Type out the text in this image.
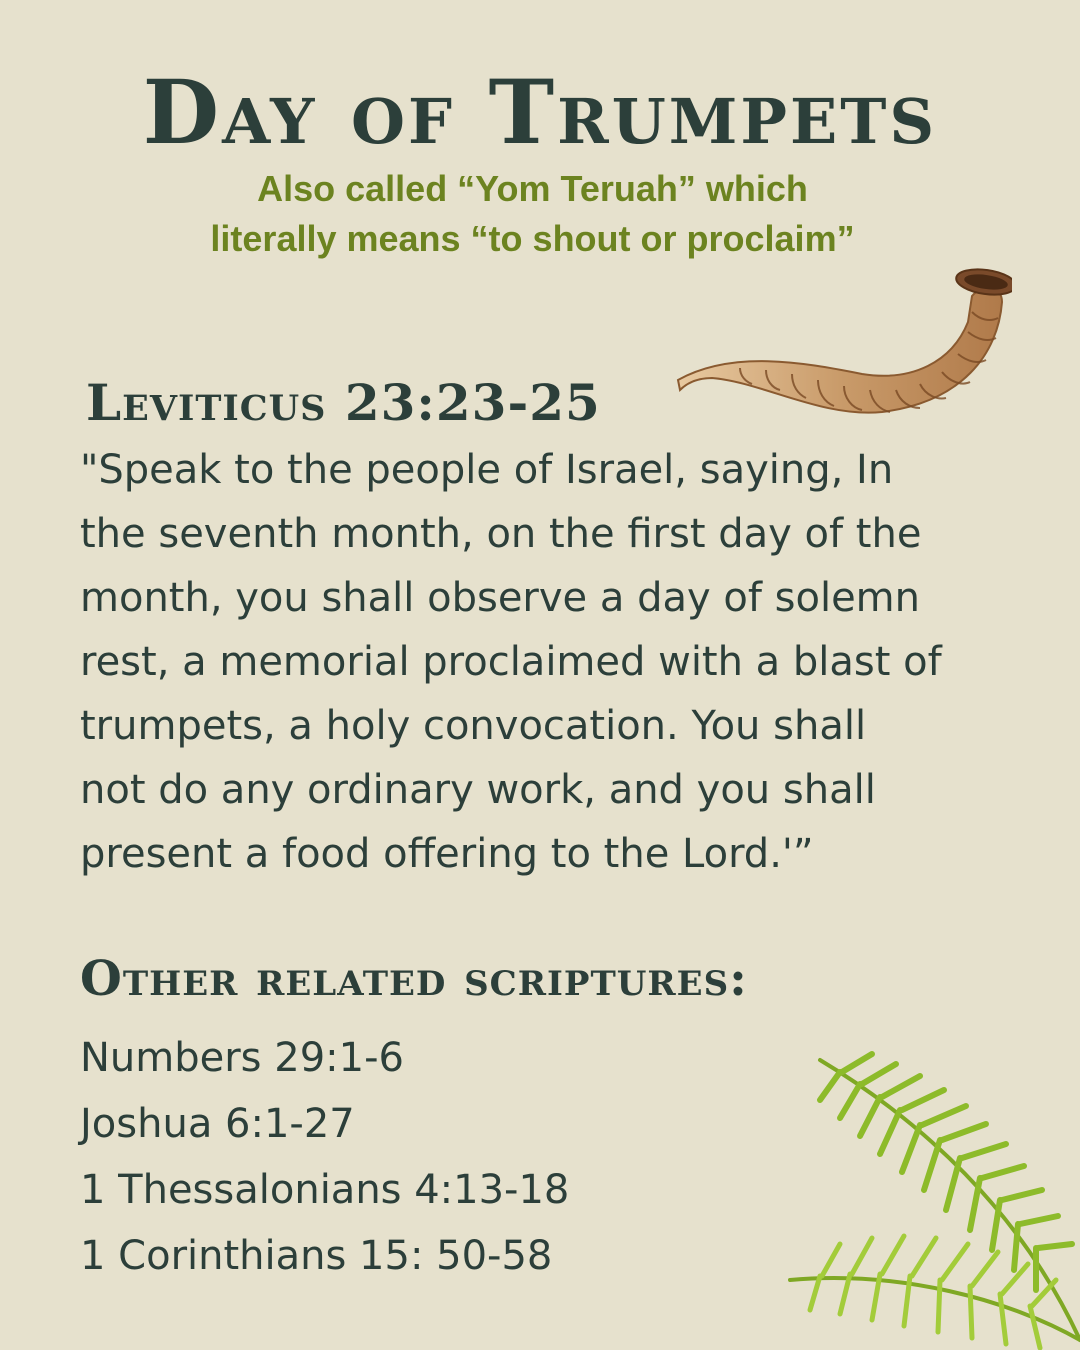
Day of Trumpets
Also called “Yom Teruah” which
literally means “to shout or proclaim”
Leviticus 23:23-25
"Speak to the people of Israel, saying, In
the seventh month, on the first day of the
month, you shall observe a day of solemn
rest, a memorial proclaimed with a blast of
trumpets, a holy convocation. You shall
not do any ordinary work, and you shall
present a food offering to the Lord.'”
Other related scriptures:
Numbers 29:1-6
Joshua 6:1-27
1 Thessalonians 4:13-18
1 Corinthians 15: 50-58
